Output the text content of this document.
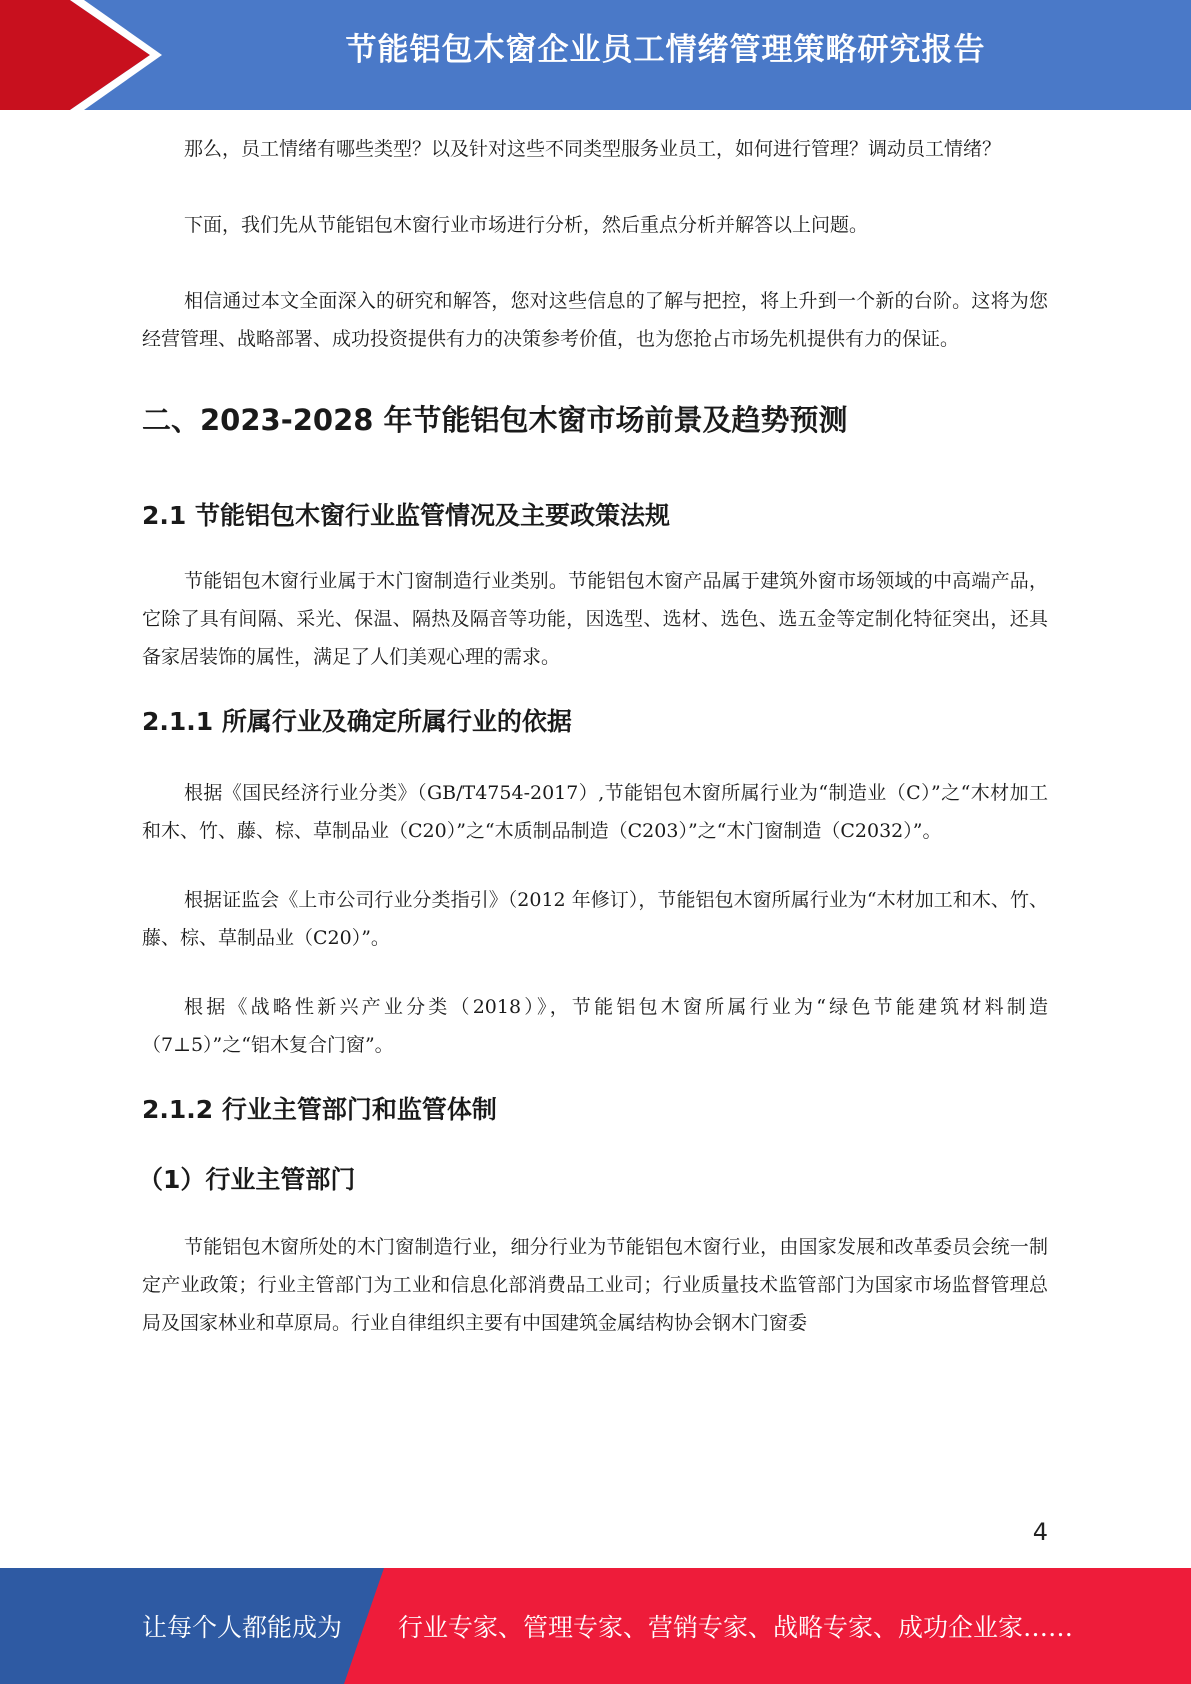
节能铝包木窗企业员工情绪管理策略研究报告

那么，员工情绪有哪些类型？以及针对这些不同类型服务业员工，如何进行管理？调动员工情绪？

下面，我们先从节能铝包木窗行业市场进行分析，然后重点分析并解答以上问题。

相信通过本文全面深入的研究和解答，您对这些信息的了解与把控，将上升到一个新的台阶。这将为您经营管理、战略部署、成功投资提供有力的决策参考价值，也为您抢占市场先机提供有力的保证。

二、2023-2028 年节能铝包木窗市场前景及趋势预测
2.1 节能铝包木窗行业监管情况及主要政策法规

节能铝包木窗行业属于木门窗制造行业类别。节能铝包木窗产品属于建筑外窗市场领域的中高端产品，它除了具有间隔、采光、保温、隔热及隔音等功能，因选型、选材、选色、选五金等定制化特征突出，还具备家居装饰的属性，满足了人们美观心理的需求。

2.1.1 所属行业及确定所属行业的依据

根据《国民经济行业分类》（GB/T4754-2017）,节能铝包木窗所属行业为“制造业（C）”之“木材加工和木、竹、藤、棕、草制品业（C20）”之“木质制品制造（C203）”之“木门窗制造（C2032）”。

根据证监会《上市公司行业分类指引》（2012 年修订），节能铝包木窗所属行业为“木材加工和木、竹、藤、棕、草制品业（C20）”。

根据《战略性新兴产业分类（2018）》，节能铝包木窗所属行业为“绿色节能建筑材料制造（7⊥5）”之“铝木复合门窗”。

2.1.2 行业主管部门和监管体制
（1）行业主管部门

节能铝包木窗所处的木门窗制造行业，细分行业为节能铝包木窗行业，由国家发展和改革委员会统一制定产业政策；行业主管部门为工业和信息化部消费品工业司；行业质量技术监管部门为国家市场监督管理总局及国家林业和草原局。行业自律组织主要有中国建筑金属结构协会钢木门窗委

4
让每个人都能成为 行业专家、管理专家、营销专家、战略专家、成功企业家……
